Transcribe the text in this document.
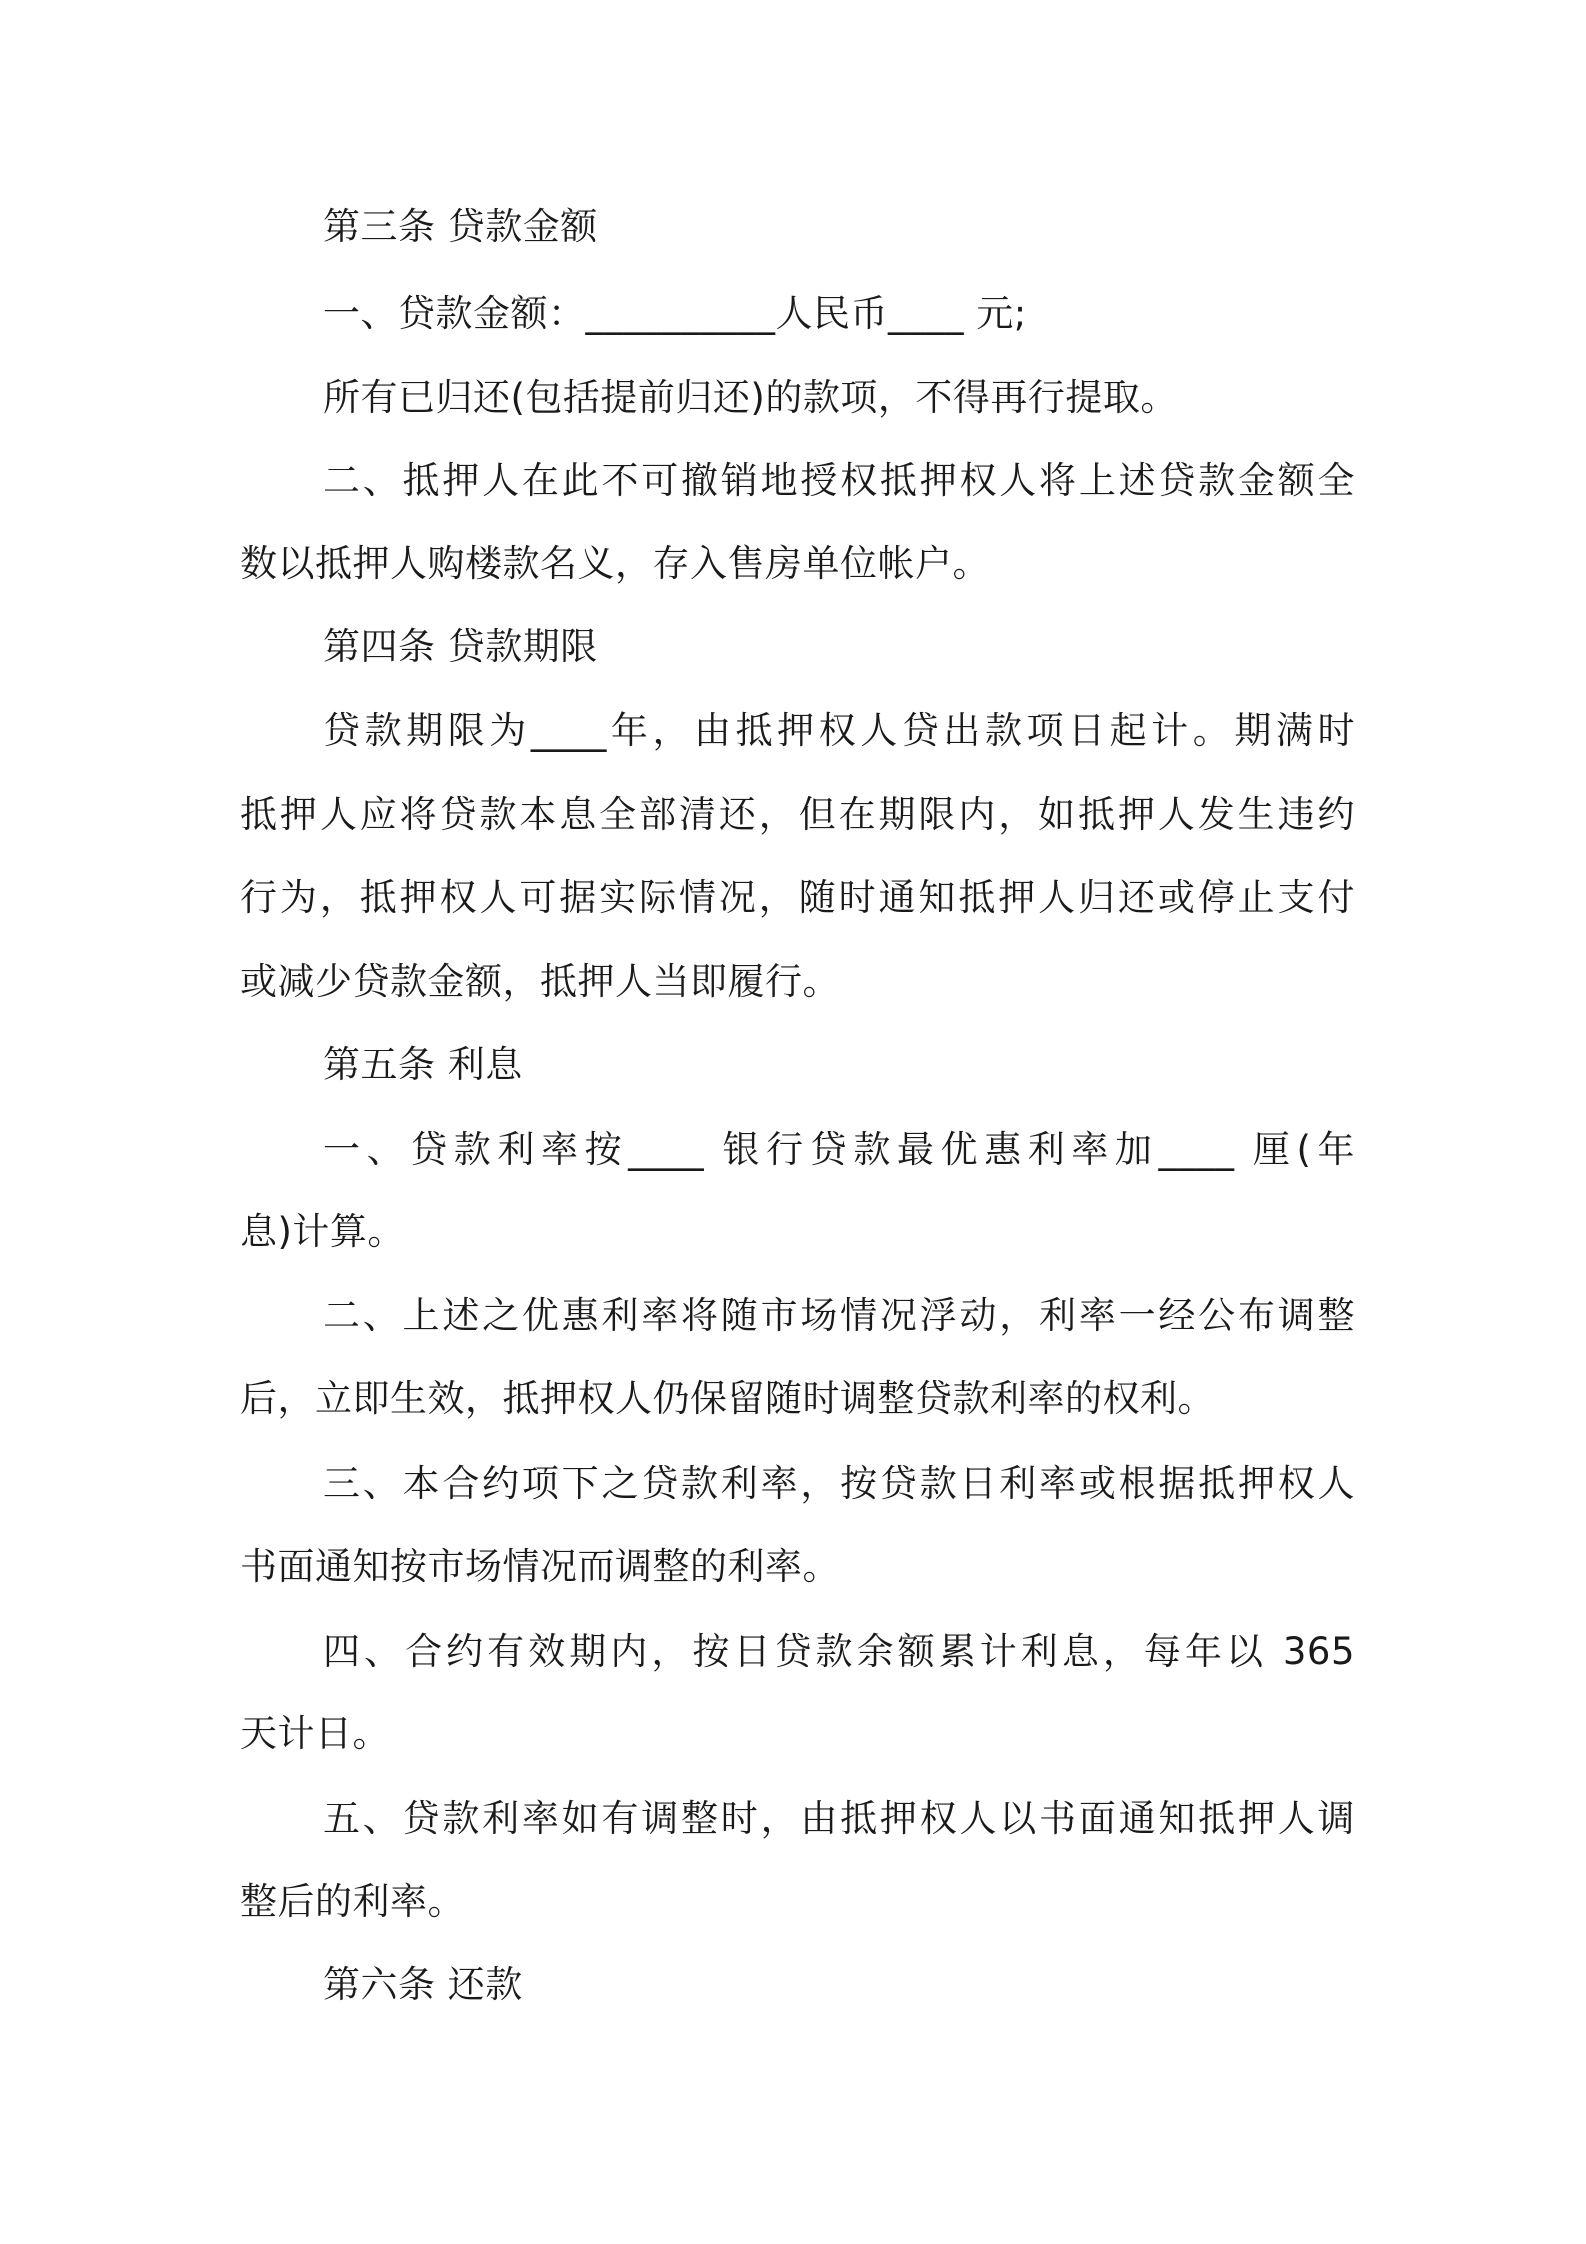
第三条 贷款金额
一、贷款金额：__________人民币____ 元;
所有已归还(包括提前归还)的款项，不得再行提取。
二、抵押人在此不可撤销地授权抵押权人将上述贷款金额全
数以抵押人购楼款名义，存入售房单位帐户。
第四条 贷款期限
贷款期限为____年，由抵押权人贷出款项日起计。期满时
抵押人应将贷款本息全部清还，但在期限内，如抵押人发生违约
行为，抵押权人可据实际情况，随时通知抵押人归还或停止支付
或减少贷款金额，抵押人当即履行。
第五条 利息
一、贷款利率按____ 银行贷款最优惠利率加____ 厘(年
息)计算。
二、上述之优惠利率将随市场情况浮动，利率一经公布调整
后，立即生效，抵押权人仍保留随时调整贷款利率的权利。
三、本合约项下之贷款利率，按贷款日利率或根据抵押权人
书面通知按市场情况而调整的利率。
四、合约有效期内，按日贷款余额累计利息，每年以 365
天计日。
五、贷款利率如有调整时，由抵押权人以书面通知抵押人调
整后的利率。
第六条 还款
